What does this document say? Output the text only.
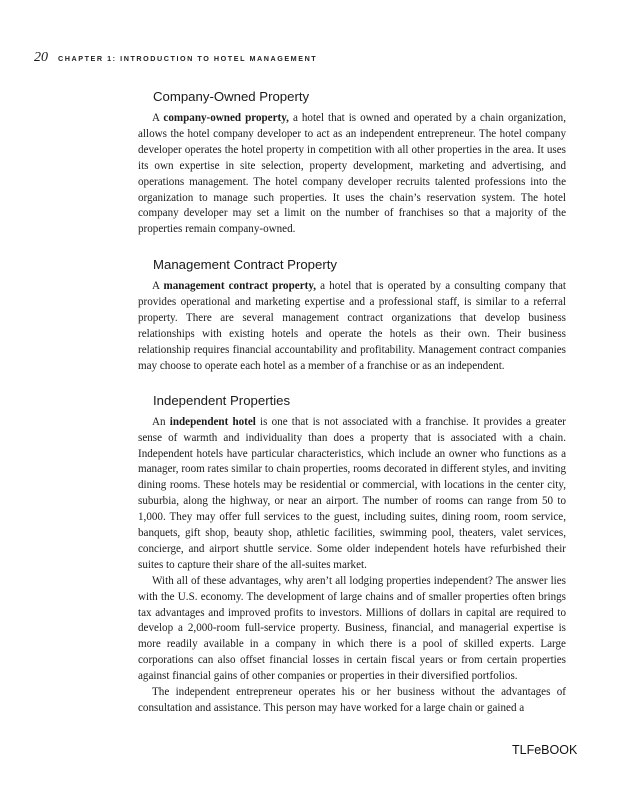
20 CHAPTER 1: INTRODUCTION TO HOTEL MANAGEMENT
Company-Owned Property

A company-owned property, a hotel that is owned and operated by a chain organization, allows the hotel company developer to act as an independent entrepreneur. The hotel company developer operates the hotel property in competition with all other properties in the area. It uses its own expertise in site selection, property development, marketing and advertising, and operations management. The hotel company developer recruits talented professions into the organization to manage such properties. It uses the chain’s reservation system. The hotel company developer may set a limit on the number of franchises so that a majority of the properties remain company-owned.

Management Contract Property

A management contract property, a hotel that is operated by a consulting company that provides operational and marketing expertise and a professional staff, is similar to a referral property. There are several management contract organizations that develop business relationships with existing hotels and operate the hotels as their own. Their business relationship requires financial accountability and profitability. Management contract companies may choose to operate each hotel as a member of a franchise or as an independent.

Independent Properties

An independent hotel is one that is not associated with a franchise. It provides a greater sense of warmth and individuality than does a property that is associated with a chain. Independent hotels have particular characteristics, which include an owner who functions as a manager, room rates similar to chain properties, rooms decorated in different styles, and inviting dining rooms. These hotels may be residential or commercial, with locations in the center city, suburbia, along the highway, or near an airport. The number of rooms can range from 50 to 1,000. They may offer full services to the guest, including suites, dining room, room service, banquets, gift shop, beauty shop, athletic facilities, swimming pool, theaters, valet services, concierge, and airport shuttle service. Some older independent hotels have refurbished their suites to capture their share of the all-suites market.

With all of these advantages, why aren’t all lodging properties independent? The answer lies with the U.S. economy. The development of large chains and of smaller properties often brings tax advantages and improved profits to investors. Millions of dollars in capital are required to develop a 2,000-room full-service property. Business, financial, and managerial expertise is more readily available in a company in which there is a pool of skilled experts. Large corporations can also offset financial losses in certain fiscal years or from certain properties against financial gains of other companies or properties in their diversified portfolios.

The independent entrepreneur operates his or her business without the advantages of consultation and assistance. This person may have worked for a large chain or gained a

TLFeBOOK
